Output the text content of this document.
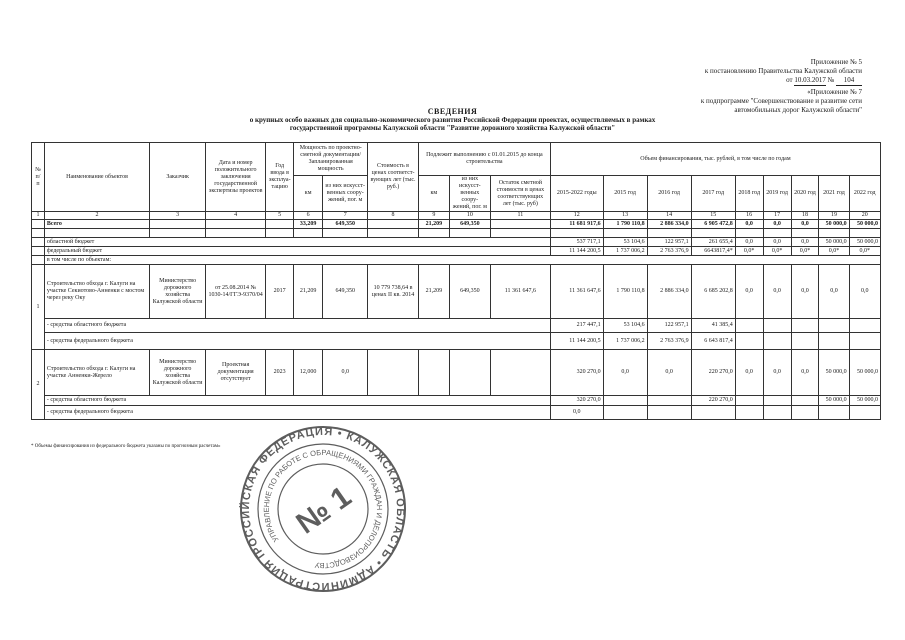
Приложение № 5
к постановлению Правительства Калужской области
от 10.03.2017 № 104
«Приложение № 7
к подпрограмме "Совершенствование и развитие сети
автомобильных дорог Калужской области"
СВЕДЕНИЯ
о крупных особо важных для социально-экономического развития Российской Федерации проектах, осуществляемых в рамках
государственной программы Калужской области "Развитие дорожного хозяйства Калужской области"
№ п/п	Наименование объектов	Заказчик	Дата и номер положительного заключения государственной экспертизы проектов	Год ввода в эксплуа- тацию	Мощность по проектно- сметной документации/ Запланированная мощность		Стоимость в ценах соответст- вующих лет (тыс. руб.)	Подлежит выполнению с 01.01.2015 до конца строительства			Объем финансирования, тыс. рублей, в том числе по годам								
					км	из них искусст- венных соору- жений, пог. м		км	из них искусст- венных соору- жений, пог. м	Остаток сметной стоимости в ценах соответствующих лет (тыс. руб)	2015-2022 годы	2015 год	2016 год	2017 год	2018 год	2019 год	2020 год	2021 год	2022 год
1	2	3	4	5	6	7	8	9	10	11	12	13	14	15	16	17	18	19	20
	Всего				33,209	649,350		21,209	649,350		11 681 917,6	1 790 110,8	2 886 334,0	6 905 472,8	0,0	0,0	0,0	50 000,0	50 000,0

	областной бюджет										537 717,1	53 104,6	122 957,1	261 655,4	0,0	0,0	0,0	50 000,0	50 000,0
	федеральный бюджет										11 144 200,5	1 737 006,2	2 763 376,9	6643817,4*	0,0*	0,0*	0,0*	0,0*	0,0*
	в том числе по объектам:																		
1	Строительство обхода г. Калуги на участке Секиотово-Анненки с мостом через реку Оку	Министерство дорожного хозяйства Калужской области	от 25.08.2014 № 1030-14/ГГЭ-9370/04	2017	21,209	649,350	10 779 738,64 в ценах II кв. 2014	21,209	649,350	11 361 647,6	11 361 647,6	1 790 110,8	2 886 334,0	6 685 202,8	0,0	0,0	0,0	0,0	0,0
	- средства областного бюджета										217 447,1	53 104,6	122 957,1	41 385,4					
	- средства федерального бюджета										11 144 200,5	1 737 006,2	2 763 376,9	6 643 817,4					
2	Строительство обхода г. Калуги на участке Анненки-Жерело	Министерство дорожного хозяйства Калужской области	Проектная документация отсутствует	2023	12,000	0,0					320 270,0	0,0	0,0	220 270,0	0,0	0,0	0,0	50 000,0	50 000,0
	- средства областного бюджета										320 270,0			220 270,0				50 000,0	50 000,0
	- средства федерального бюджета										0,0								
* Объемы финансирования из федерального бюджета указаны по прогнозным расчетам»
РОССИЙСКАЯ ФЕДЕРАЦИЯ • КАЛУЖСКАЯ ОБЛАСТЬ • АДМИНИСТРАЦИЯ ГУБЕРНАТОРА
УПРАВЛЕНИЕ ПО РАБОТЕ С ОБРАЩЕНИЯМИ ГРАЖДАН И ДЕЛОПРОИЗВОДСТВУ
№ 1
